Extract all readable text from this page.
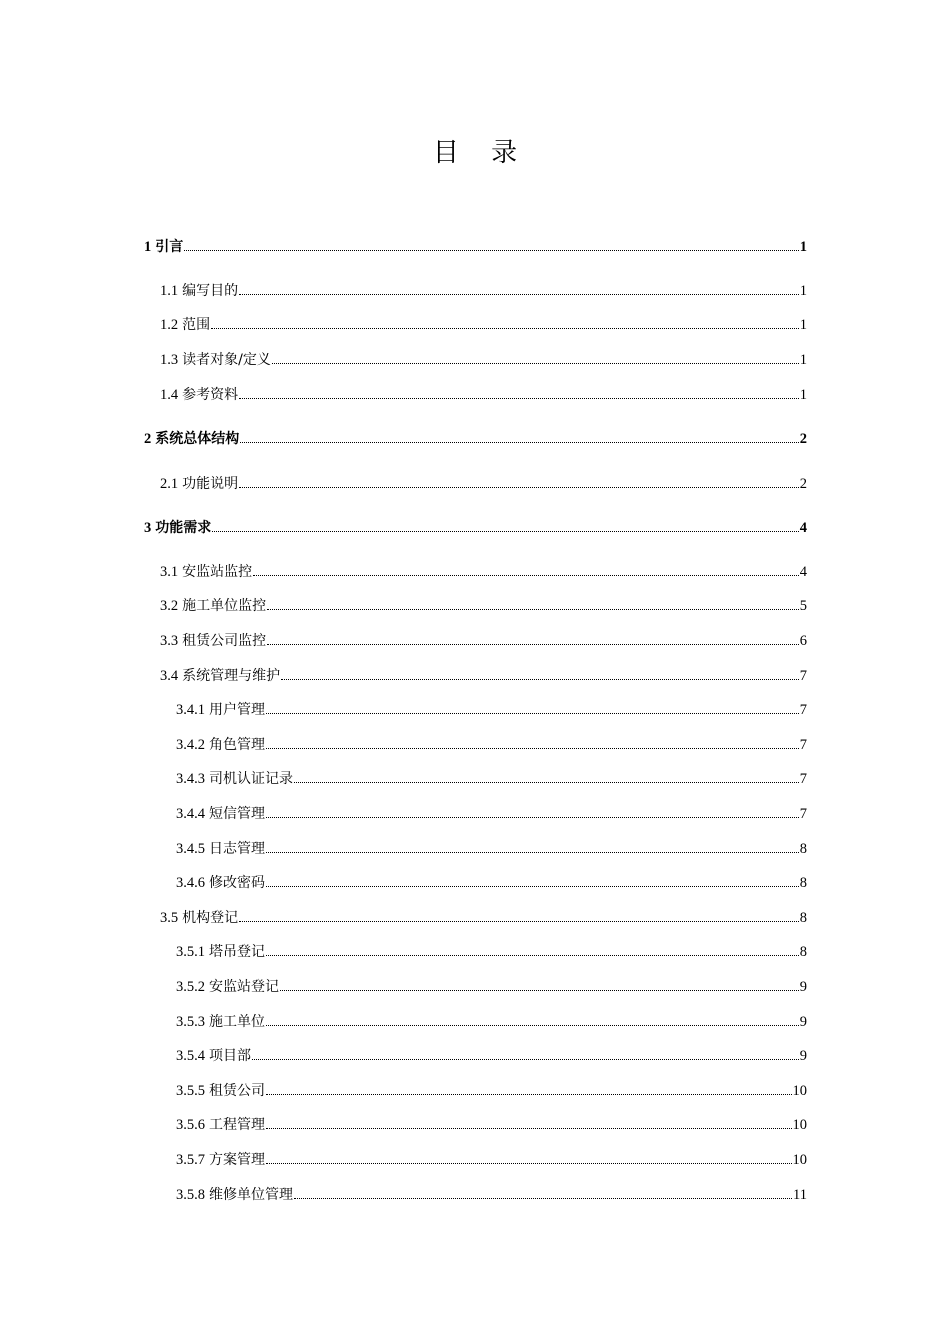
目 录
1 引言	1
1.1 编写目的	1
1.2 范围	1
1.3 读者对象/定义	1
1.4 参考资料	1
2 系统总体结构	2
2.1 功能说明	2
3 功能需求	4
3.1 安监站监控	4
3.2 施工单位监控	5
3.3 租赁公司监控	6
3.4 系统管理与维护	7
3.4.1 用户管理	7
3.4.2 角色管理	7
3.4.3 司机认证记录	7
3.4.4 短信管理	7
3.4.5 日志管理	8
3.4.6 修改密码	8
3.5 机构登记	8
3.5.1 塔吊登记	8
3.5.2 安监站登记	9
3.5.3 施工单位	9
3.5.4 项目部	9
3.5.5 租赁公司	10
3.5.6 工程管理	10
3.5.7 方案管理	10
3.5.8 维修单位管理	11
